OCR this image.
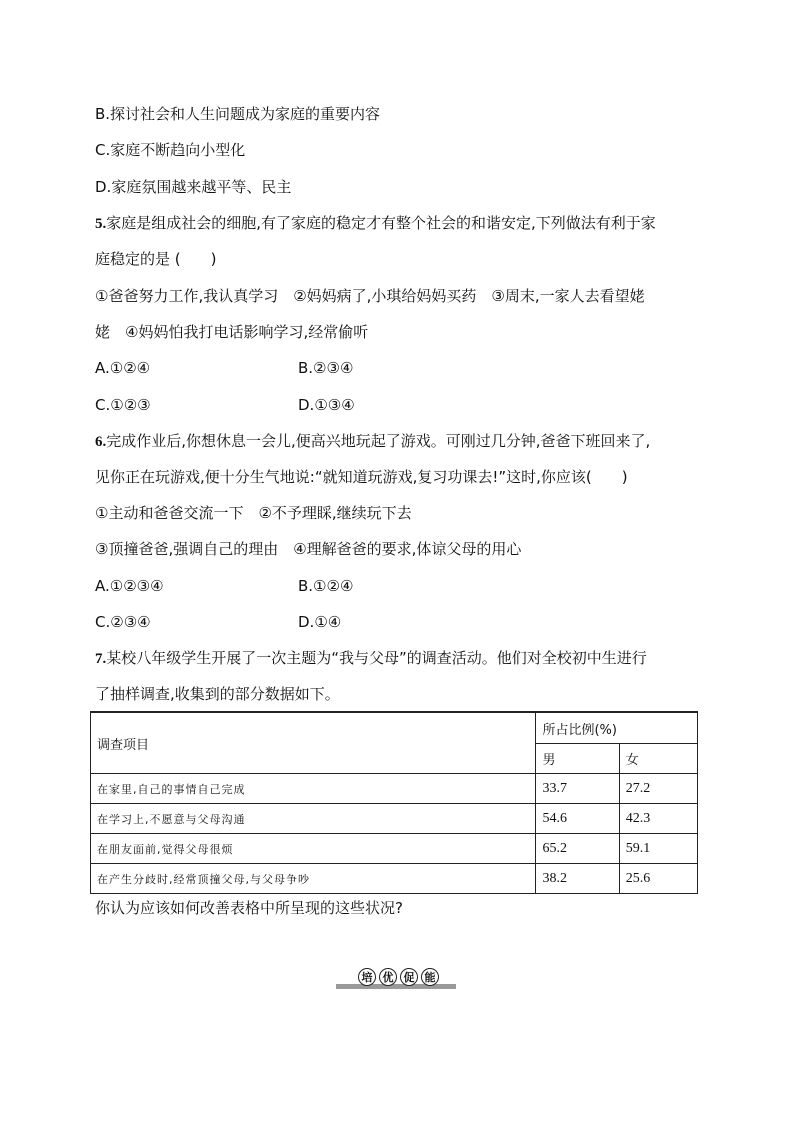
B.探讨社会和人生问题成为家庭的重要内容
C.家庭不断趋向小型化
D.家庭氛围越来越平等、民主
5.家庭是组成社会的细胞,有了家庭的稳定才有整个社会的和谐安定,下列做法有利于家
庭稳定的是 (　　)
①爸爸努力工作,我认真学习　②妈妈病了,小琪给妈妈买药　③周末,一家人去看望姥
姥　④妈妈怕我打电话影响学习,经常偷听
A.①②④	B.②③④
C.①②③	D.①③④
6.完成作业后,你想休息一会儿,便高兴地玩起了游戏。可刚过几分钟,爸爸下班回来了,
见你正在玩游戏,便十分生气地说:“就知道玩游戏,复习功课去!”这时,你应该(　　)
①主动和爸爸交流一下　②不予理睬,继续玩下去
③顶撞爸爸,强调自己的理由　④理解爸爸的要求,体谅父母的用心
A.①②③④	B.①②④
C.②③④	D.①④
7.某校八年级学生开展了一次主题为“我与父母”的调查活动。他们对全校初中生进行
了抽样调查,收集到的部分数据如下。
调查项目	所占比例(%)	
	男	女
在家里,自己的事情自己完成	33.7	27.2
在学习上,不愿意与父母沟通	54.6	42.3
在朋友面前,觉得父母很烦	65.2	59.1
在产生分歧时,经常顶撞父母,与父母争吵	38.2	25.6
你认为应该如何改善表格中所呈现的这些状况?
培 优 促 能
